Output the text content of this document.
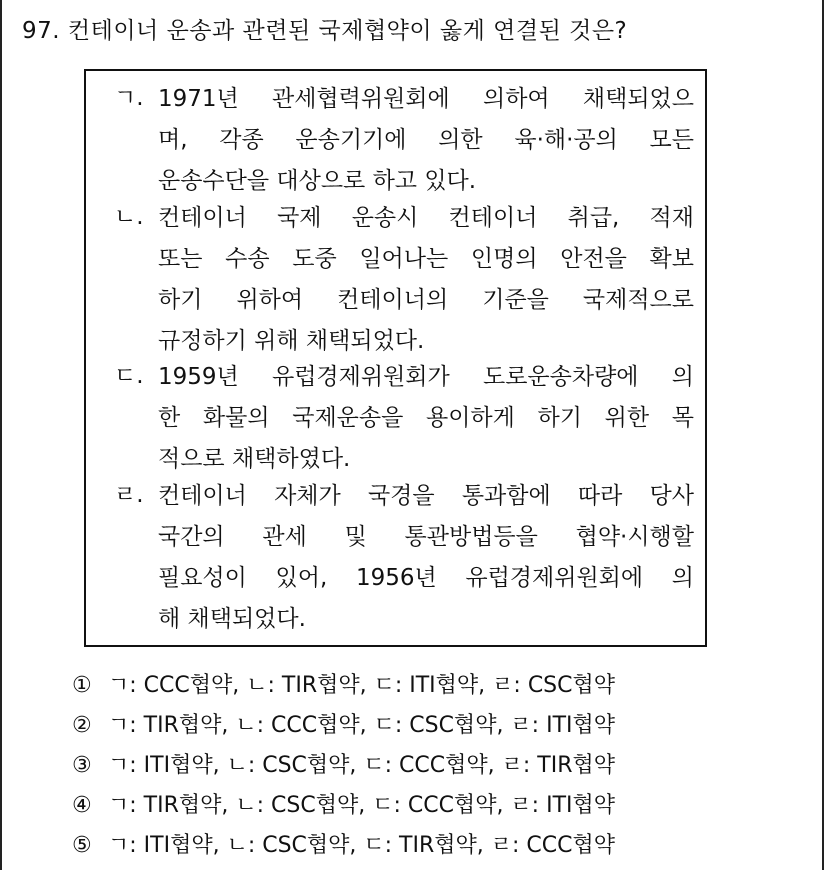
97. 컨테이너 운송과 관련된 국제협약이 옳게 연결된 것은?
ㄱ. 1971년 관세협력위원회에 의하여 채택되었으
며, 각종 운송기기에 의한 육·해·공의 모든
운송수단을 대상으로 하고 있다.
ㄴ. 컨테이너 국제 운송시 컨테이너 취급, 적재
또는 수송 도중 일어나는 인명의 안전을 확보
하기 위하여 컨테이너의 기준을 국제적으로
규정하기 위해 채택되었다.
ㄷ. 1959년 유럽경제위원회가 도로운송차량에 의
한 화물의 국제운송을 용이하게 하기 위한 목
적으로 채택하였다.
ㄹ. 컨테이너 자체가 국경을 통과함에 따라 당사
국간의 관세 및 통관방법등을 협약·시행할
필요성이 있어, 1956년 유럽경제위원회에 의
해 채택되었다.
① ㄱ: CCC협약, ㄴ: TIR협약, ㄷ: ITI협약, ㄹ: CSC협약
② ㄱ: TIR협약, ㄴ: CCC협약, ㄷ: CSC협약, ㄹ: ITI협약
③ ㄱ: ITI협약, ㄴ: CSC협약, ㄷ: CCC협약, ㄹ: TIR협약
④ ㄱ: TIR협약, ㄴ: CSC협약, ㄷ: CCC협약, ㄹ: ITI협약
⑤ ㄱ: ITI협약, ㄴ: CSC협약, ㄷ: TIR협약, ㄹ: CCC협약
